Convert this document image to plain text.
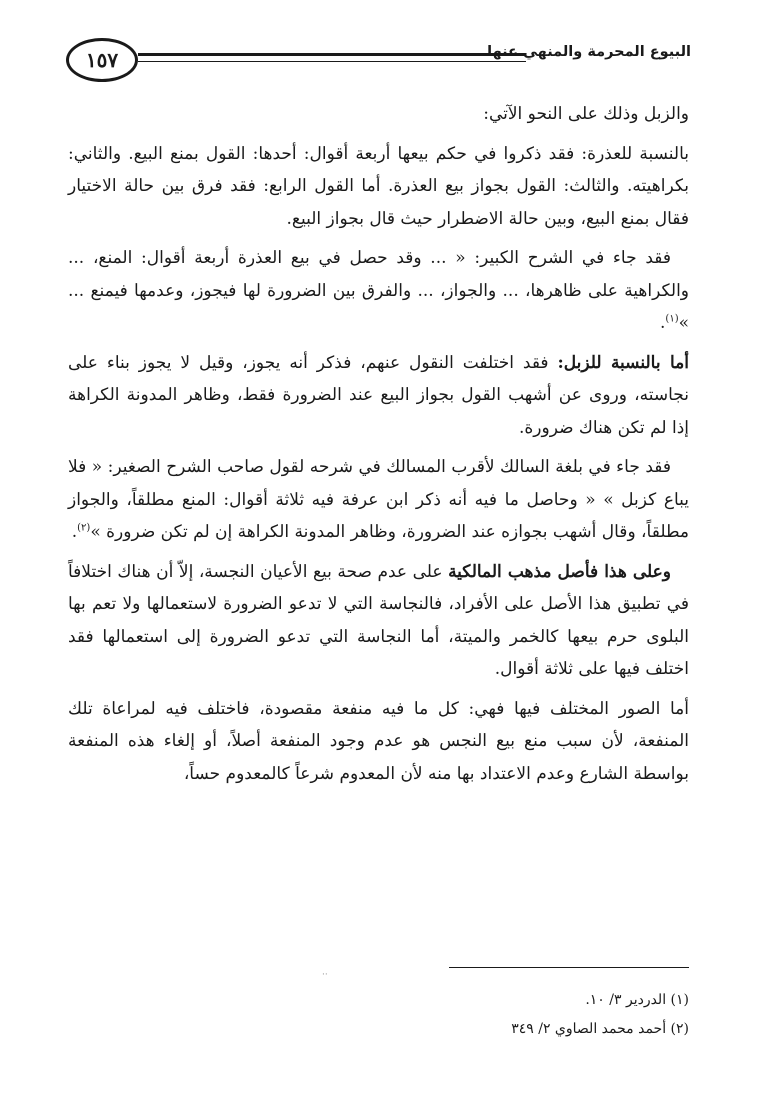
١٥٧	البيوع المحرمة والمنهي عنها

والزبل وذلك على النحو الآتي:

بالنسبة للعذرة: فقد ذكروا في حكم بيعها أربعة أقوال: أحدها: القول بمنع البيع. والثاني: بكراهيته. والثالث: القول بجواز بيع العذرة. أما القول الرابع: فقد فرق بين حالة الاختيار فقال بمنع البيع، وبين حالة الاضطرار حيث قال بجواز البيع.

فقد جاء في الشرح الكبير: « ... وقد حصل في بيع العذرة أربعة أقوال: المنع، ... والكراهية على ظاهرها، ... والجواز، ... والفرق بين الضرورة لها فيجوز، وعدمها فيمنع ... »$^{(١)}$.

أما بالنسبة للزبل: فقد اختلفت النقول عنهم، فذكر أنه يجوز، وقيل لا يجوز بناء على نجاسته، وروى عن أشهب القول بجواز البيع عند الضرورة فقط، وظاهر المدونة الكراهة إذا لم تكن هناك ضرورة.

فقد جاء في بلغة السالك لأقرب المسالك في شرحه لقول صاحب الشرح الصغير: « فلا يباع كزبل » « وحاصل ما فيه أنه ذكر ابن عرفة فيه ثلاثة أقوال: المنع مطلقاً، والجواز مطلقاً، وقال أشهب بجوازه عند الضرورة، وظاهر المدونة الكراهة إن لم تكن ضرورة »$^{(٢)}$.

وعلى هذا فأصل مذهب المالكية على عدم صحة بيع الأعيان النجسة، إلاّ أن هناك اختلافاً في تطبيق هذا الأصل على الأفراد، فالنجاسة التي لا تدعو الضرورة لاستعمالها ولا تعم بها البلوى حرم بيعها كالخمر والميتة، أما النجاسة التي تدعو الضرورة إلى استعمالها فقد اختلف فيها على ثلاثة أقوال.

أما الصور المختلف فيها فهي: كل ما فيه منفعة مقصودة، فاختلف فيه لمراعاة تلك المنفعة، لأن سبب منع بيع النجس هو عدم وجود المنفعة أصلاً، أو إلغاء هذه المنفعة بواسطة الشارع وعدم الاعتداد بها منه لأن المعدوم شرعاً كالمعدوم حساً،

··
(١) الدردير ٣/ ١٠.
(٢) أحمد محمد الصاوي ٢/ ٣٤٩
